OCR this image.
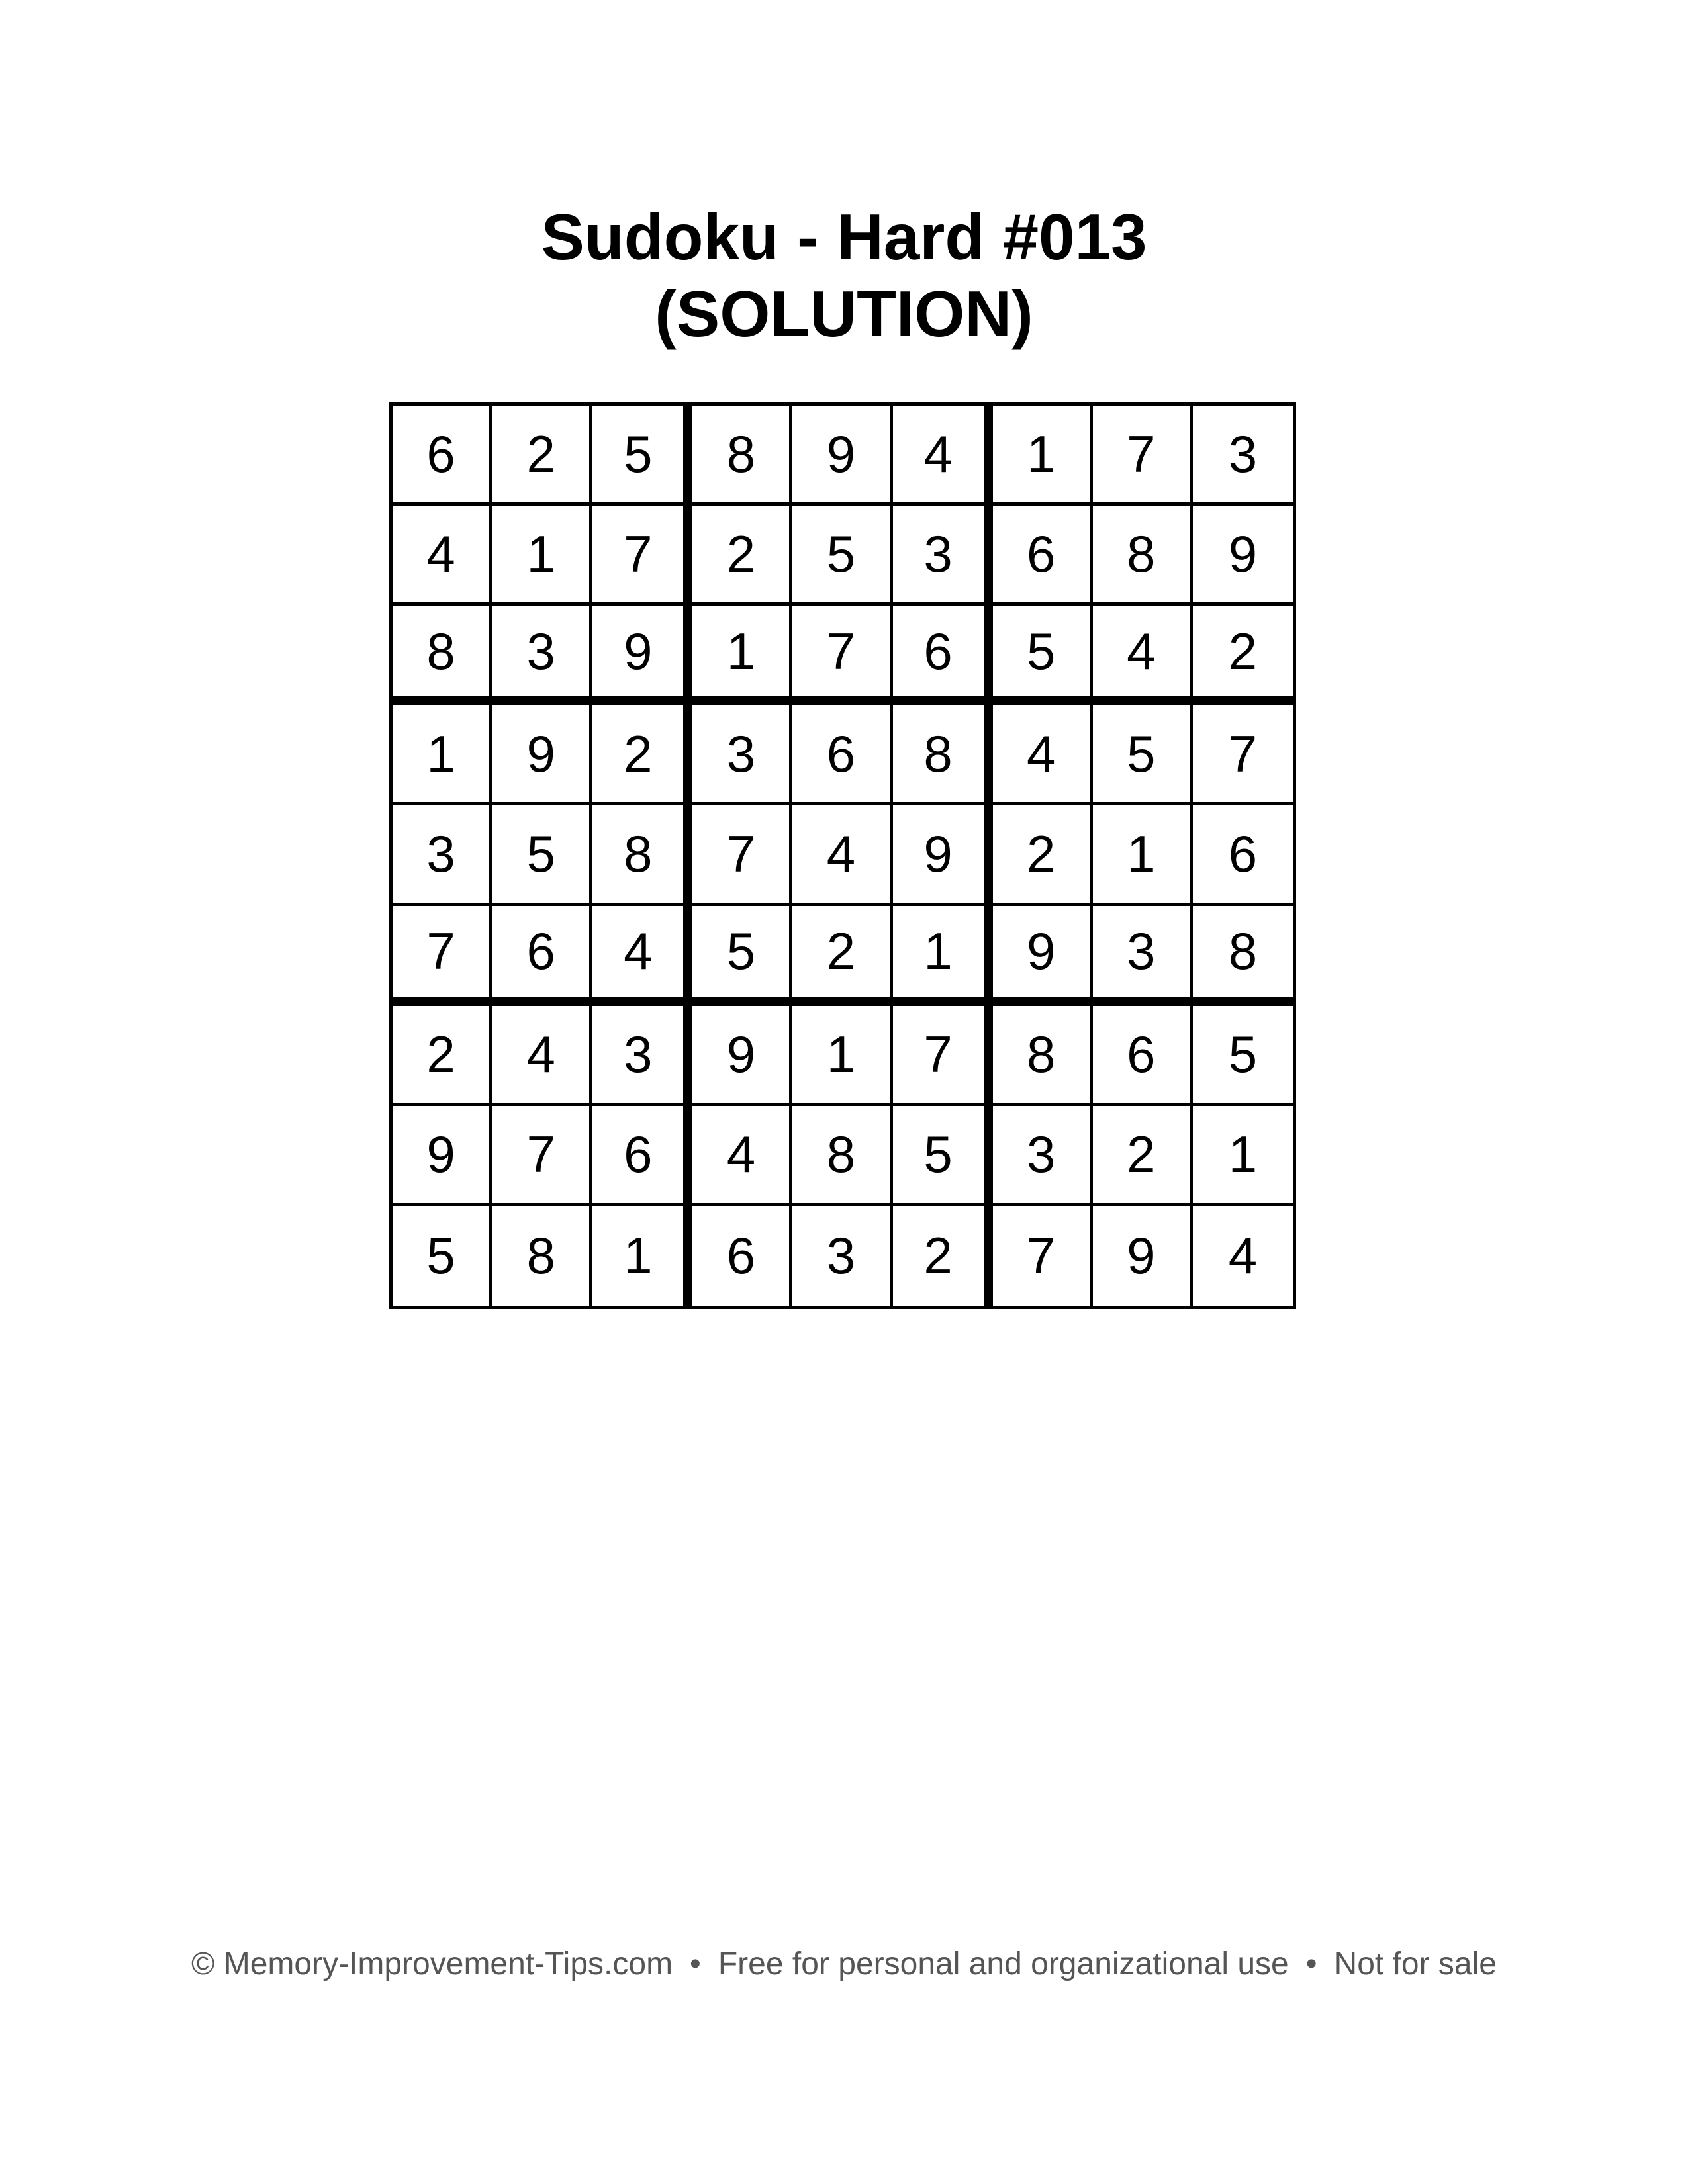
Sudoku - Hard #013
(SOLUTION)
6	2	5	8	9	4	1	7	3
4	1	7	2	5	3	6	8	9
8	3	9	1	7	6	5	4	2
1	9	2	3	6	8	4	5	7
3	5	8	7	4	9	2	1	6
7	6	4	5	2	1	9	3	8
2	4	3	9	1	7	8	6	5
9	7	6	4	8	5	3	2	1
5	8	1	6	3	2	7	9	4
© Memory-Improvement-Tips.com • Free for personal and organizational use • Not for sale
